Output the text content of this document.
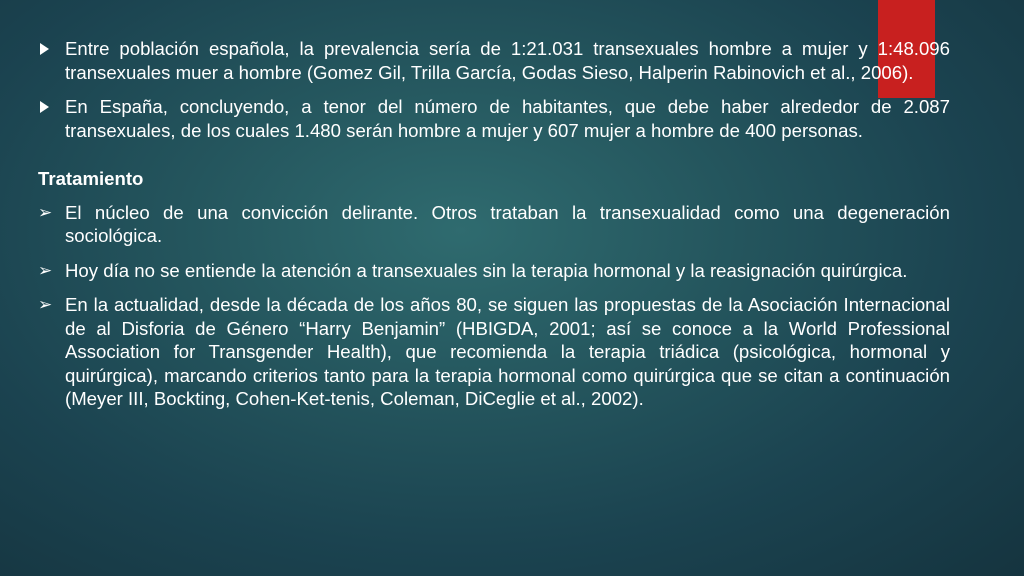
Entre población española, la prevalencia sería de 1:21.031 transexuales hombre a mujer y 1:48.096 transexuales muer a hombre (Gomez Gil, Trilla García, Godas Sieso, Halperin Rabinovich et al., 2006).
En España, concluyendo, a tenor del número de habitantes, que debe haber alrededor de 2.087 transexuales, de los cuales 1.480 serán hombre a mujer y 607 mujer a hombre de 400 personas.
Tratamiento
➢ El núcleo de una convicción delirante. Otros trataban la transexualidad como una degeneración sociológica.
➢ Hoy día no se entiende la atención a transexuales sin la terapia hormonal y la reasignación quirúrgica.
➢ En la actualidad, desde la década de los años 80, se siguen las propuestas de la Asociación Internacional de al Disforia de Género “Harry Benjamin” (HBIGDA, 2001; así se conoce a la World Professional Association for Transgender Health), que recomienda la terapia triádica (psicológica, hormonal y quirúrgica), marcando criterios tanto para la terapia hormonal como quirúrgica que se citan a continuación (Meyer III, Bockting, Cohen-Ket-tenis, Coleman, DiCeglie et al., 2002).
